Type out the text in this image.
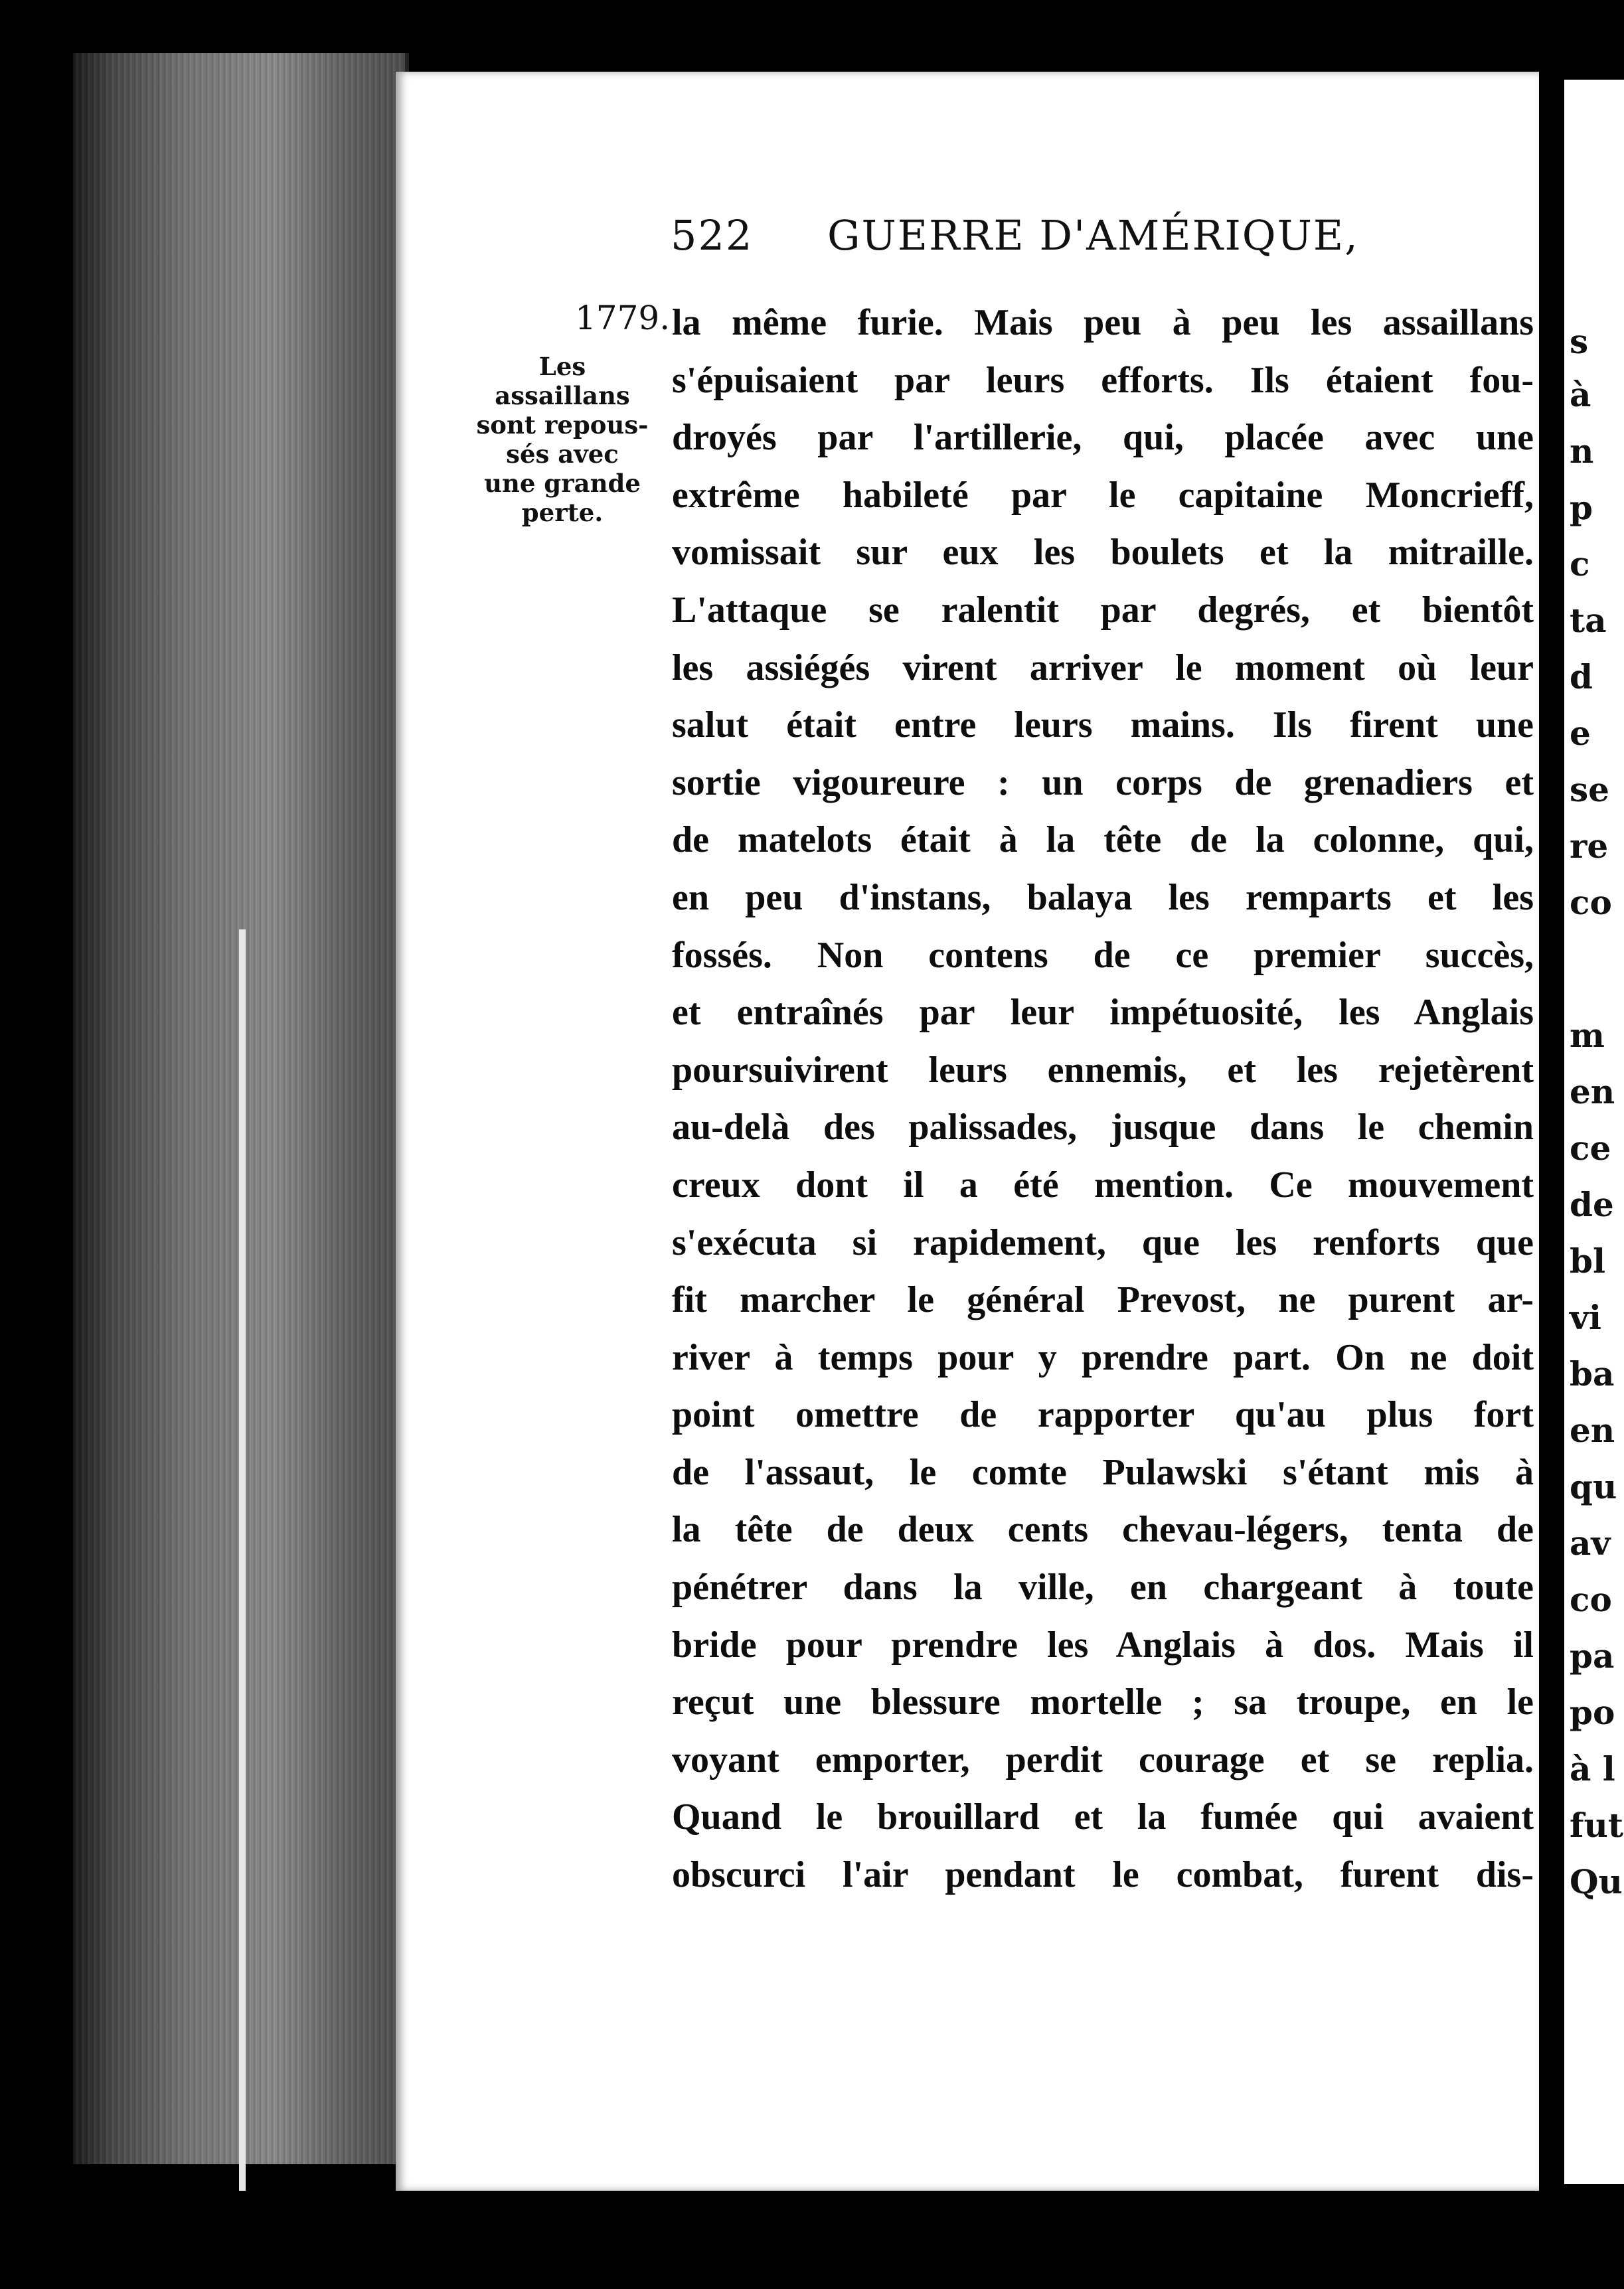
522 GUERRE D'AMÉRIQUE,
1779.
Les
assaillans
sont repous-
sés avec
une grande
perte.
la même furie. Mais peu à peu les assaillans
s'épuisaient par leurs efforts. Ils étaient fou-
droyés par l'artillerie, qui, placée avec une
extrême habileté par le capitaine Moncrieff,
vomissait sur eux les boulets et la mitraille.
L'attaque se ralentit par degrés, et bientôt
les assiégés virent arriver le moment où leur
salut était entre leurs mains. Ils firent une
sortie vigoureure : un corps de grenadiers et
de matelots était à la tête de la colonne, qui,
en peu d'instans, balaya les remparts et les
fossés. Non contens de ce premier succès,
et entraînés par leur impétuosité, les Anglais
poursuivirent leurs ennemis, et les rejetèrent
au-delà des palissades, jusque dans le chemin
creux dont il a été mention. Ce mouvement
s'exécuta si rapidement, que les renforts que
fit marcher le général Prevost, ne purent ar-
river à temps pour y prendre part. On ne doit
point omettre de rapporter qu'au plus fort
de l'assaut, le comte Pulawski s'étant mis à
la tête de deux cents chevau-légers, tenta de
pénétrer dans la ville, en chargeant à toute
bride pour prendre les Anglais à dos. Mais il
reçut une blessure mortelle ; sa troupe, en le
voyant emporter, perdit courage et se replia.
Quand le brouillard et la fumée qui avaient
obscurci l'air pendant le combat, furent dis-
s
à
n
p
c
ta
d
e
se
re
co
m
en
ce
de
bl
vi
ba
en
qu
av
co
pa
po
à l
fut
Qu
